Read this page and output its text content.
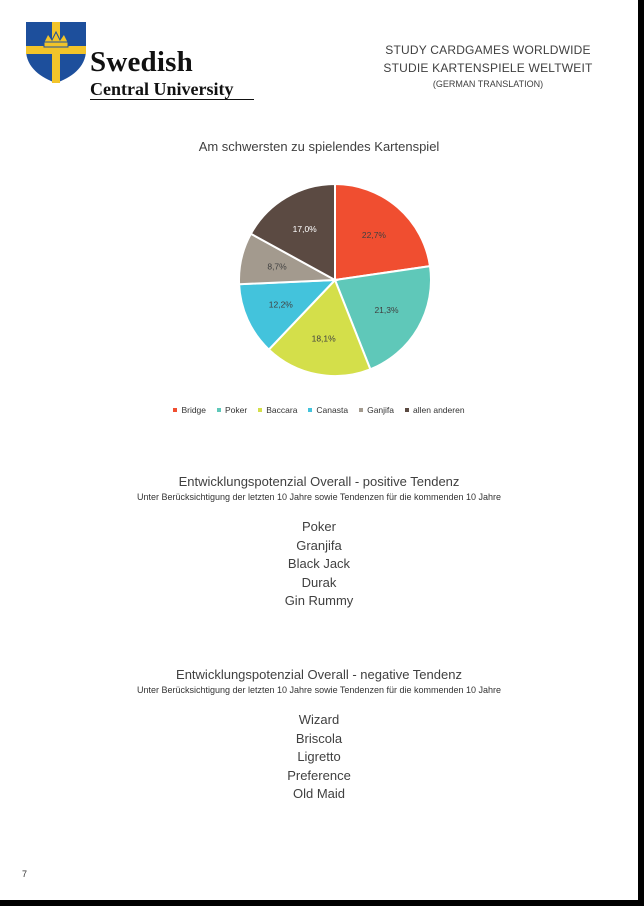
Swedish
Central University
STUDY CARDGAMES WORLDWIDE
STUDIE KARTENSPIELE WELTWEIT
(GERMAN TRANSLATION)
Am schwersten zu spielendes Kartenspiel
22,7%
21,3%
18,1%
12,2%
8,7%
17,0%
Bridge Poker Baccara Canasta Ganjifa allen anderen
Entwicklungspotenzial Overall - positive Tendenz
Unter Berücksichtigung der letzten 10 Jahre sowie Tendenzen für die kommenden 10 Jahre
Poker
Granjifa
Black Jack
Durak
Gin Rummy
Entwicklungspotenzial Overall - negative Tendenz
Unter Berücksichtigung der letzten 10 Jahre sowie Tendenzen für die kommenden 10 Jahre
Wizard
Briscola
Ligretto
Preference
Old Maid
7
